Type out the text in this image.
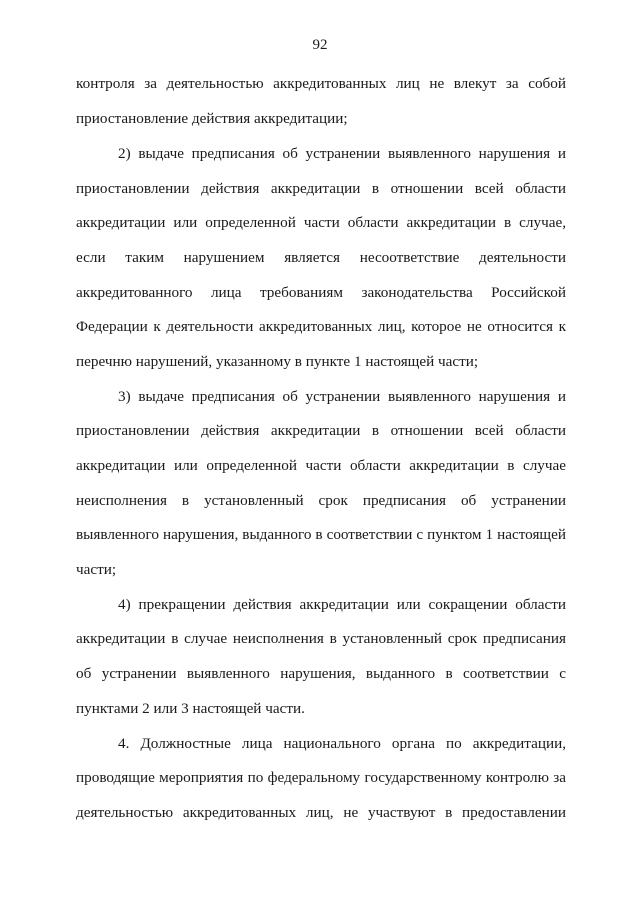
92
контроля за деятельностью аккредитованных лиц не влекут за собой
приостановление действия аккредитации;
2) выдаче предписания об устранении выявленного нарушения и
приостановлении действия аккредитации в отношении всей области
аккредитации или определенной части области аккредитации в случае,
если таким нарушением является несоответствие деятельности
аккредитованного лица требованиям законодательства Российской
Федерации к деятельности аккредитованных лиц, которое не относится к
перечню нарушений, указанному в пункте 1 настоящей части;
3) выдаче предписания об устранении выявленного нарушения и
приостановлении действия аккредитации в отношении всей области
аккредитации или определенной части области аккредитации в случае
неисполнения в установленный срок предписания об устранении
выявленного нарушения, выданного в соответствии с пунктом 1 настоящей
части;
4) прекращении действия аккредитации или сокращении области
аккредитации в случае неисполнения в установленный срок предписания
об устранении выявленного нарушения, выданного в соответствии с
пунктами 2 или 3 настоящей части.
4. Должностные лица национального органа по аккредитации,
проводящие мероприятия по федеральному государственному контролю за
деятельностью аккредитованных лиц, не участвуют в предоставлении
